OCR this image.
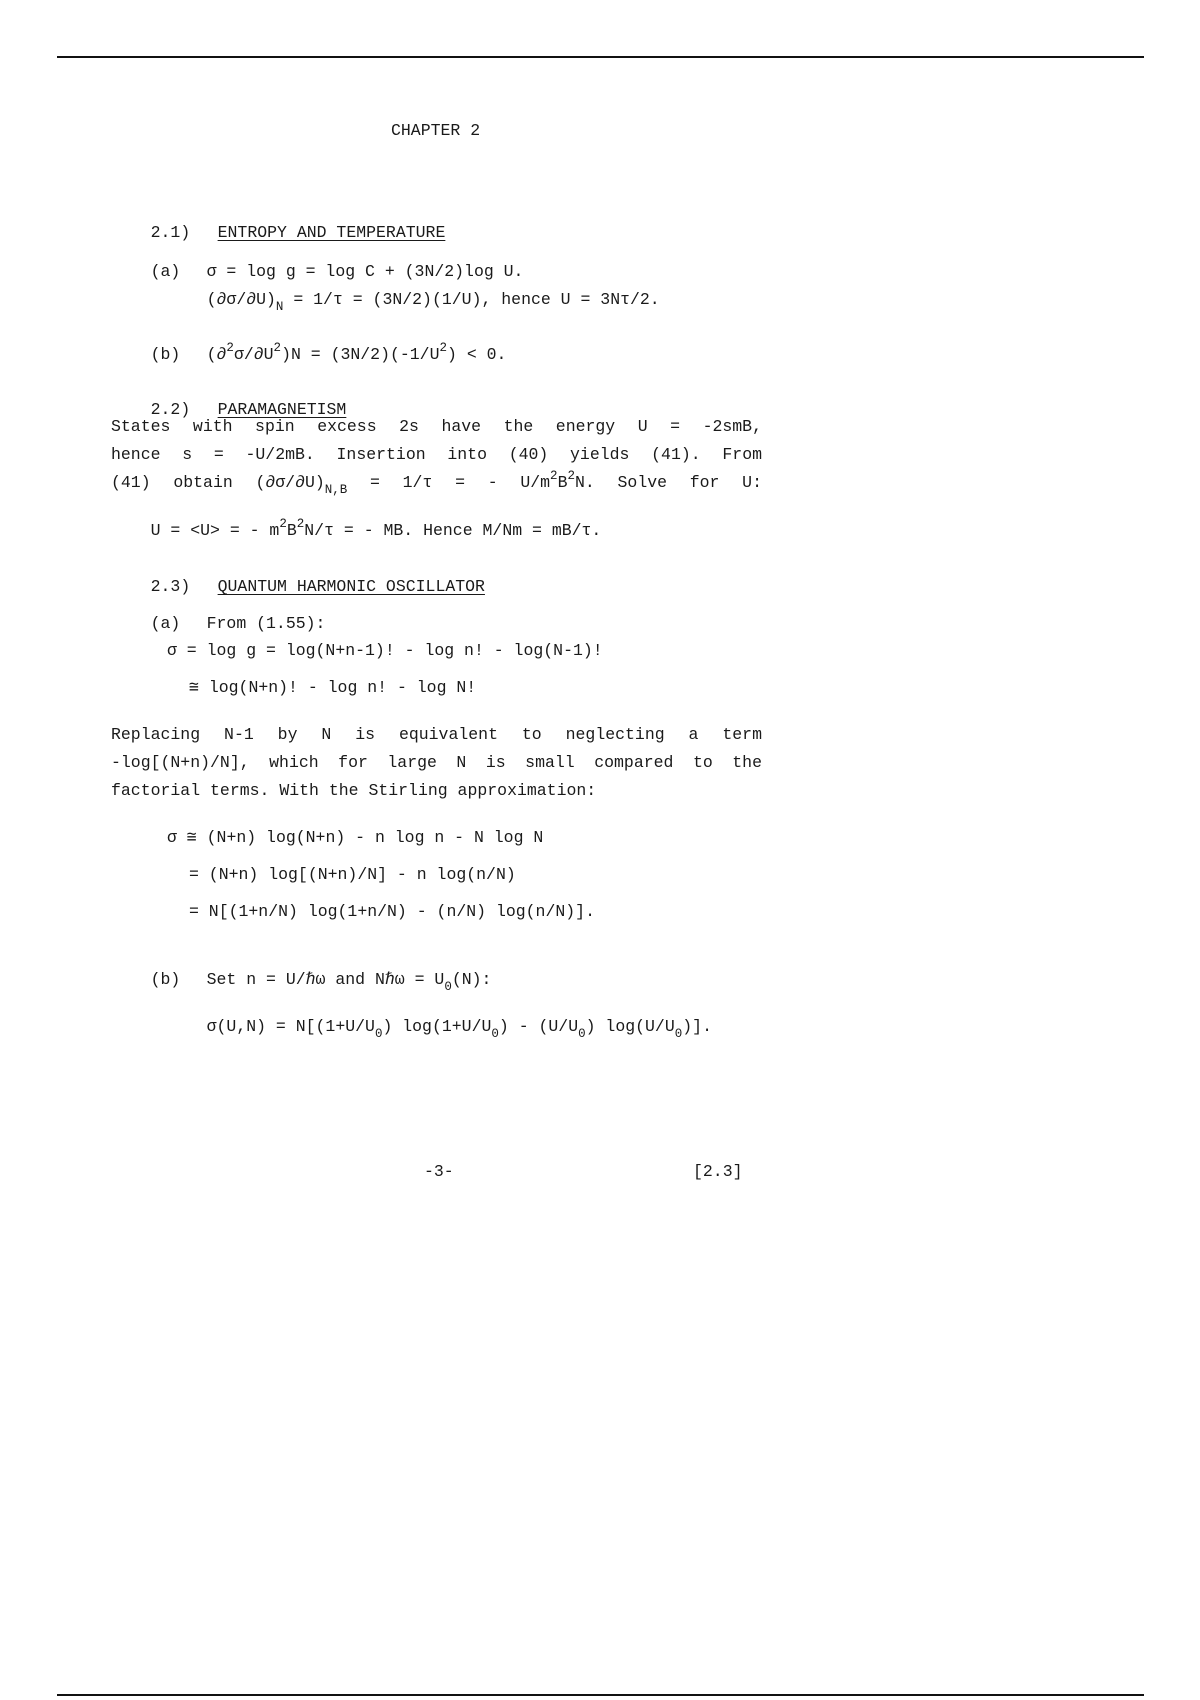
CHAPTER 2

2.1) ENTROPY AND TEMPERATURE

(a) σ = log g = log C + (3N/2)log U.

$(\partial\sigma/\partial U)_N = 1/\tau = (3N/2)(1/U)$, hence U = 3Nτ/2.

(b) $(\partial^2\sigma/\partial U^2)N = (3N/2)(-1/U^2) < 0$.

2.2) PARAMAGNETISM

States with spin excess 2s have the energy U = -2smB,
hence s = -U/2mB. Insertion into (40) yields (41). From
(41) obtain $(\partial\sigma/\partial U)_{N,B} = 1/\tau$ = - $U/m^2B^2N$. Solve for U:

U = <U> = - $m^2B^2N/\tau$ = - MB. Hence M/Nm = mB/τ.

2.3) QUANTUM HARMONIC OSCILLATOR

(a) From (1.55):

σ = log g = log(N+n-1)! - log n! - log(N-1)!
≅ log(N+n)! - log n! - log N!
Replacing N-1 by N is equivalent to neglecting a term
-log[(N+n)/N], which for large N is small compared to the
factorial terms. With the Stirling approximation:
σ ≅ (N+n) log(N+n) - n log n - N log N
= (N+n) log[(N+n)/N] - n log(n/N)
= N[(1+n/N) log(1+n/N) - (n/N) log(n/N)].

(b) Set n = U/ℏω and Nℏω = $U_0(N)$:

$\sigma(U,N) = N[(1+U/U_0)$ $\log(1+U/U_0) - (U/U_0)$ $\log(U/U_0)$].

-3-	[2.3]
